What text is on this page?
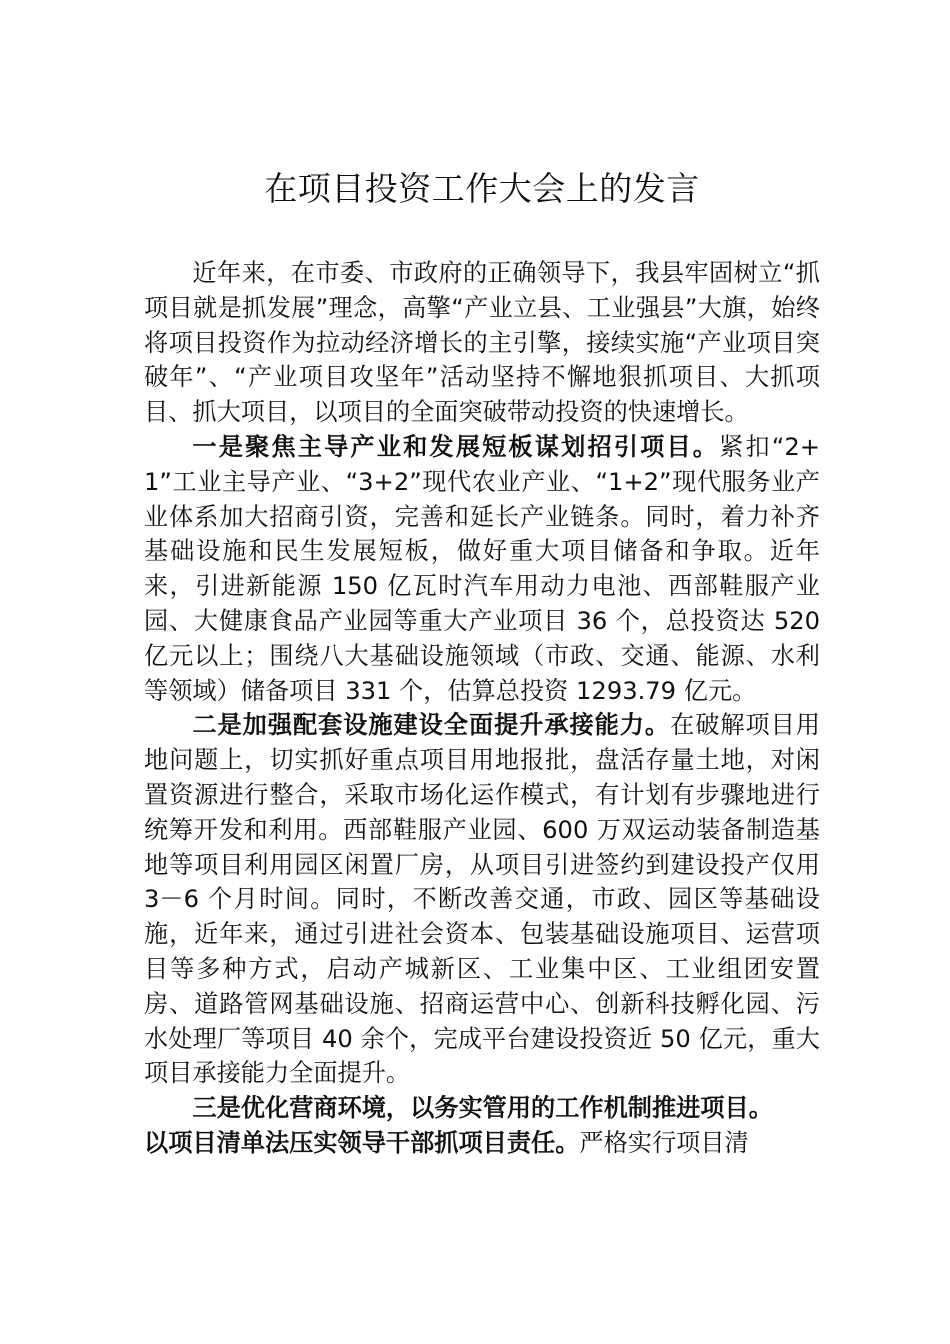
在项目投资工作大会上的发言

近年来，在市委、市政府的正确领导下，我县牢固树立“抓项目就是抓发展”理念，高擎“产业立县、工业强县”大旗，始终将项目投资作为拉动经济增长的主引擎，接续实施“产业项目突破年”、“产业项目攻坚年”活动坚持不懈地狠抓项目、大抓项目、抓大项目，以项目的全面突破带动投资的快速增长。

一是聚焦主导产业和发展短板谋划招引项目。紧扣“2+1”工业主导产业、“3+2”现代农业产业、“1+2”现代服务业产业体系加大招商引资，完善和延长产业链条。同时，着力补齐基础设施和民生发展短板，做好重大项目储备和争取。近年来，引进新能源 150 亿瓦时汽车用动力电池、西部鞋服产业园、大健康食品产业园等重大产业项目 36 个，总投资达 520 亿元以上；围绕八大基础设施领域（市政、交通、能源、水利等领域）储备项目 331 个，估算总投资 1293.79 亿元。

二是加强配套设施建设全面提升承接能力。在破解项目用地问题上，切实抓好重点项目用地报批，盘活存量土地，对闲置资源进行整合，采取市场化运作模式，有计划有步骤地进行统筹开发和利用。西部鞋服产业园、600 万双运动装备制造基地等项目利用园区闲置厂房，从项目引进签约到建设投产仅用 3－6 个月时间。同时，不断改善交通，市政、园区等基础设施，近年来，通过引进社会资本、包装基础设施项目、运营项目等多种方式，启动产城新区、工业集中区、工业组团安置房、道路管网基础设施、招商运营中心、创新科技孵化园、污水处理厂等项目 40 余个，完成平台建设投资近 50 亿元，重大项目承接能力全面提升。

三是优化营商环境，以务实管用的工作机制推进项目。

以项目清单法压实领导干部抓项目责任。严格实行项目清
